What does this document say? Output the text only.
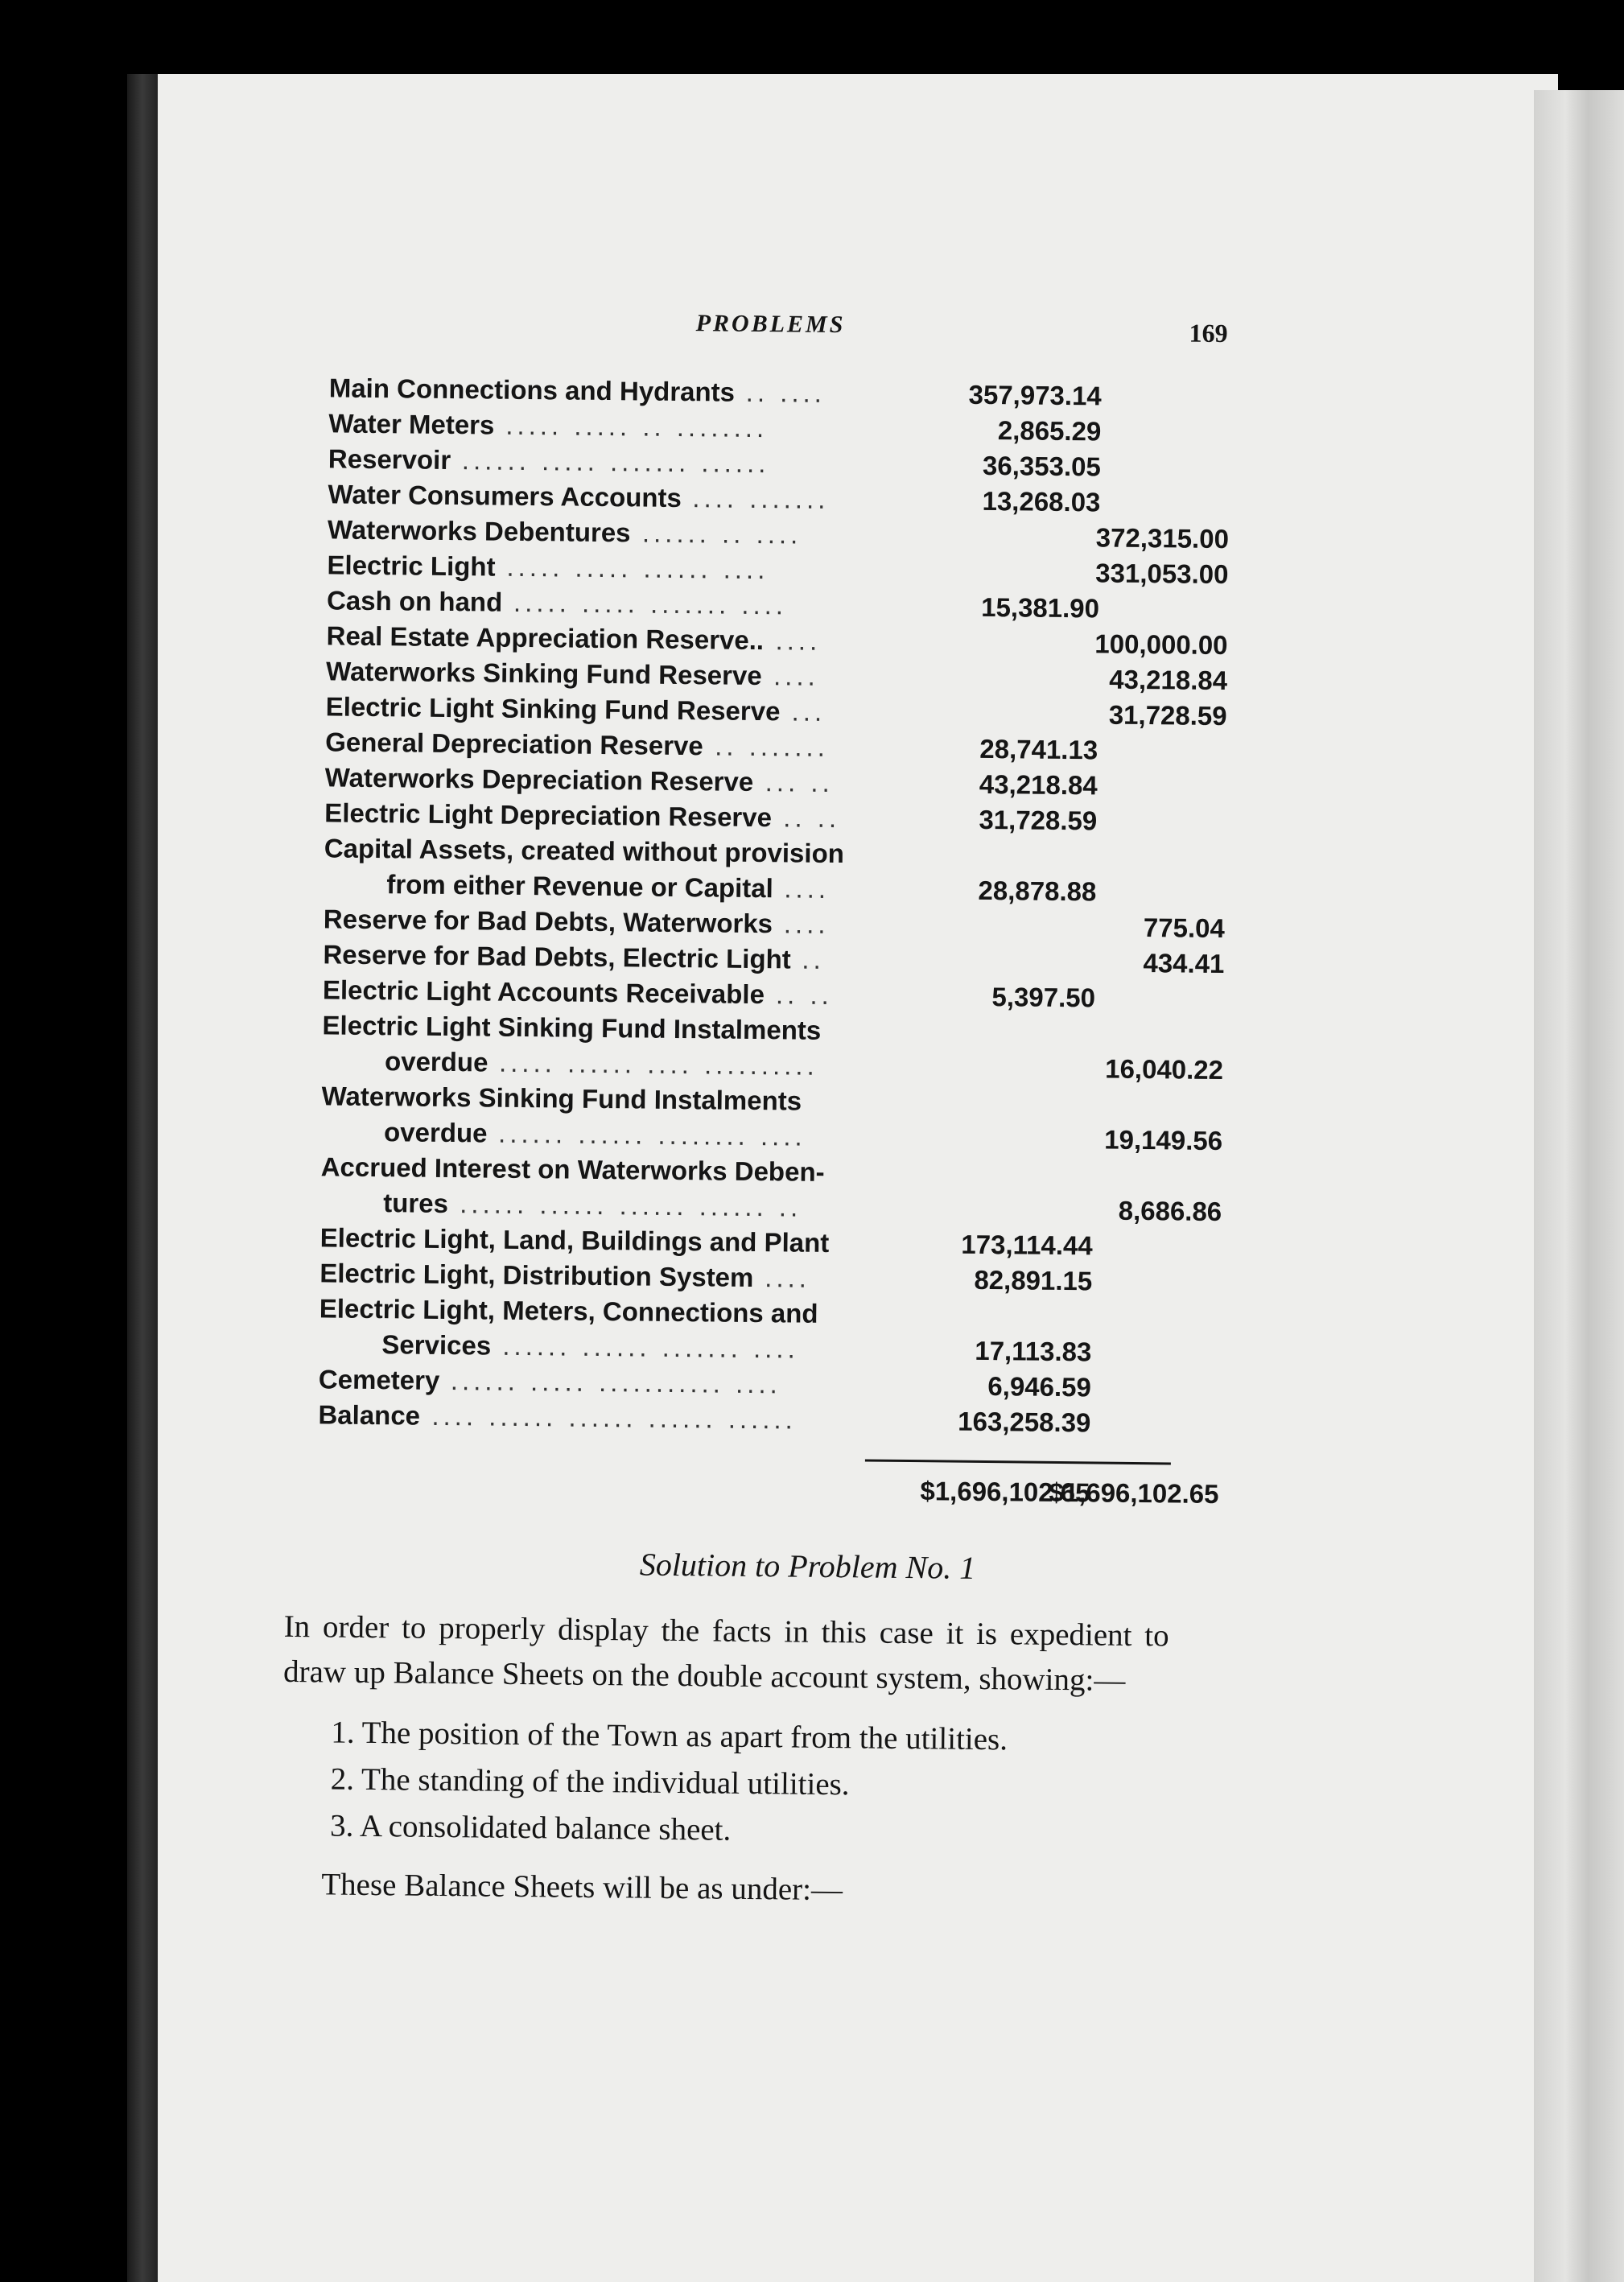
PROBLEMS	169
Main Connections and Hydrants .. ....	357,973.14
Water Meters ..... ..... .. ........	2,865.29
Reservoir ...... ..... ....... ......	36,353.05
Water Consumers Accounts .... .......	13,268.03
Waterworks Debentures ...... .. ....	372,315.00
Electric Light ..... ..... ...... ....	331,053.00
Cash on hand ..... ..... ....... ....	15,381.90
Real Estate Appreciation Reserve.. ....	100,000.00
Waterworks Sinking Fund Reserve ....	43,218.84
Electric Light Sinking Fund Reserve ...	31,728.59
General Depreciation Reserve .. .......	28,741.13
Waterworks Depreciation Reserve ... ..	43,218.84
Electric Light Depreciation Reserve .. ..	31,728.59
Capital Assets, created without provision
from either Revenue or Capital ....	28,878.88
Reserve for Bad Debts, Waterworks ....	775.04
Reserve for Bad Debts, Electric Light ..	434.41
Electric Light Accounts Receivable .. ..	5,397.50
Electric Light Sinking Fund Instalments
overdue ..... ...... .... ..........	16,040.22
Waterworks Sinking Fund Instalments
overdue ...... ...... ........ ....	19,149.56
Accrued Interest on Waterworks Deben-
tures ...... ...... ...... ...... ..	8,686.86
Electric Light, Land, Buildings and Plant	173,114.44
Electric Light, Distribution System ....	82,891.15
Electric Light, Meters, Connections and
Services ...... ...... ....... ....	17,113.83
Cemetery ...... ..... ........... ....	6,946.59
Balance .... ...... ...... ...... ......	163,258.39
$1,696,102.65
$1,696,102.65
Solution to Problem No. 1
In order to properly display the facts in this case it is expedient to draw up Balance Sheets on the double account system, showing:—
1. The position of the Town as apart from the utilities.
2. The standing of the individual utilities.
3. A consolidated balance sheet.
These Balance Sheets will be as under:—
